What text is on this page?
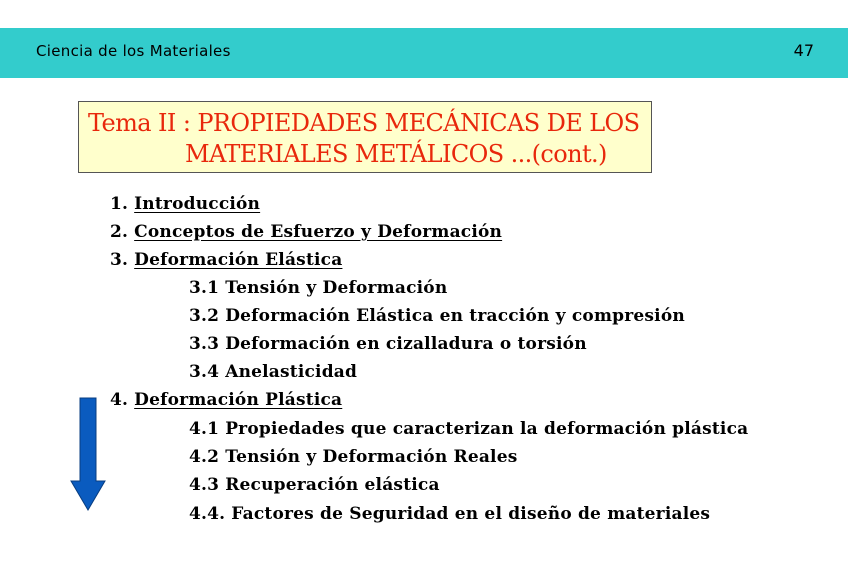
Ciencia de los Materiales	47
Tema II : PROPIEDADES MECÁNICAS DE LOS
MATERIALES METÁLICOS ...(cont.)
1. Introducción
2. Conceptos de Esfuerzo y Deformación
3. Deformación Elástica
3.1 Tensión y Deformación
3.2 Deformación Elástica en tracción y compresión
3.3 Deformación en cizalladura o torsión
3.4 Anelasticidad
4. Deformación Plástica
4.1 Propiedades que caracterizan la deformación plástica
4.2 Tensión y Deformación Reales
4.3 Recuperación elástica
4.4. Factores de Seguridad en el diseño de materiales
